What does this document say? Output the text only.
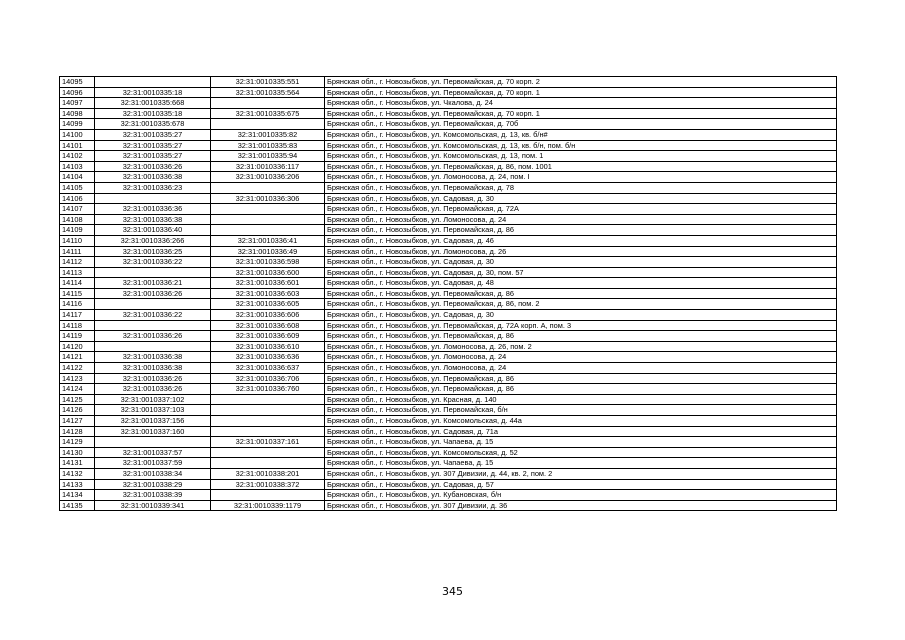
14095		32:31:0010335:551	Брянская обл., г. Новозыбков, ул. Первомайская, д. 70 корп. 2
14096	32:31:0010335:18	32:31:0010335:564	Брянская обл., г. Новозыбков, ул. Первомайская, д. 70 корп. 1
14097	32:31:0010335:668		Брянская обл., г. Новозыбков, ул. Чкалова, д. 24
14098	32:31:0010335:18	32:31:0010335:675	Брянская обл., г. Новозыбков, ул. Первомайская, д. 70 корп. 1
14099	32:31:0010335:678		Брянская обл., г. Новозыбков, ул. Первомайская, д. 70б
14100	32:31:0010335:27	32:31:0010335:82	Брянская обл., г. Новозыбков, ул. Комсомольская, д. 13, кв. б/н#
14101	32:31:0010335:27	32:31:0010335:83	Брянская обл., г. Новозыбков, ул. Комсомольская, д. 13, кв. б/н, пом. б/н
14102	32:31:0010335:27	32:31:0010335:94	Брянская обл., г. Новозыбков, ул. Комсомольская, д. 13, пом. 1
14103	32:31:0010336:26	32:31:0010336:117	Брянская обл., г. Новозыбков, ул. Первомайская, д. 86, пом. 1001
14104	32:31:0010336:38	32:31:0010336:206	Брянская обл., г. Новозыбков, ул. Ломоносова, д. 24, пом. I
14105	32:31:0010336:23		Брянская обл., г. Новозыбков, ул. Первомайская, д. 78
14106		32:31:0010336:306	Брянская обл., г. Новозыбков, ул. Садовая, д. 30
14107	32:31:0010336:36		Брянская обл., г. Новозыбков, ул. Первомайская, д. 72А
14108	32:31:0010336:38		Брянская обл., г. Новозыбков, ул. Ломоносова, д. 24
14109	32:31:0010336:40		Брянская обл., г. Новозыбков, ул. Первомайская, д. 86
14110	32:31:0010336:266	32:31:0010336:41	Брянская обл., г. Новозыбков, ул. Садовая, д. 46
14111	32:31:0010336:25	32:31:0010336:49	Брянская обл., г. Новозыбков, ул. Ломоносова, д. 26
14112	32:31:0010336:22	32:31:0010336:598	Брянская обл., г. Новозыбков, ул. Садовая, д. 30
14113		32:31:0010336:600	Брянская обл., г. Новозыбков, ул. Садовая, д. 30, пом. 57
14114	32:31:0010336:21	32:31:0010336:601	Брянская обл., г. Новозыбков, ул. Садовая, д. 48
14115	32:31:0010336:26	32:31:0010336:603	Брянская обл., г. Новозыбков, ул. Первомайская, д. 86
14116		32:31:0010336:605	Брянская обл., г. Новозыбков, ул. Первомайская, д. 86, пом. 2
14117	32:31:0010336:22	32:31:0010336:606	Брянская обл., г. Новозыбков, ул. Садовая, д. 30
14118		32:31:0010336:608	Брянская обл., г. Новозыбков, ул. Первомайская, д. 72А корп. А, пом. 3
14119	32:31:0010336:26	32:31:0010336:609	Брянская обл., г. Новозыбков, ул. Первомайская, д. 86
14120		32:31:0010336:610	Брянская обл., г. Новозыбков, ул. Ломоносова, д. 26, пом. 2
14121	32:31:0010336:38	32:31:0010336:636	Брянская обл., г. Новозыбков, ул. Ломоносова, д. 24
14122	32:31:0010336:38	32:31:0010336:637	Брянская обл., г. Новозыбков, ул. Ломоносова, д. 24
14123	32:31:0010336:26	32:31:0010336:706	Брянская обл., г. Новозыбков, ул. Первомайская, д. 86
14124	32:31:0010336:26	32:31:0010336:760	Брянская обл., г. Новозыбков, ул. Первомайская, д. 86
14125	32:31:0010337:102		Брянская обл., г. Новозыбков, ул. Красная, д. 140
14126	32:31:0010337:103		Брянская обл., г. Новозыбков, ул. Первомайская, б/н
14127	32:31:0010337:156		Брянская обл., г. Новозыбков, ул. Комсомольская, д. 44а
14128	32:31:0010337:160		Брянская обл., г. Новозыбков, ул. Садовая, д. 71а
14129		32:31:0010337:161	Брянская обл., г. Новозыбков, ул. Чапаева, д. 15
14130	32:31:0010337:57		Брянская обл., г. Новозыбков, ул. Комсомольская, д. 52
14131	32:31:0010337:59		Брянская обл., г. Новозыбков, ул. Чапаева, д. 15
14132	32:31:0010338:34	32:31:0010338:201	Брянская обл., г. Новозыбков, ул. 307 Дивизии, д. 44, кв. 2, пом. 2
14133	32:31:0010338:29	32:31:0010338:372	Брянская обл., г. Новозыбков, ул. Садовая, д. 57
14134	32:31:0010338:39		Брянская обл., г. Новозыбков, ул. Кубановская, б/н
14135	32:31:0010339:341	32:31:0010339:1179	Брянская обл., г. Новозыбков, ул. 307 Дивизии, д. 36
345
